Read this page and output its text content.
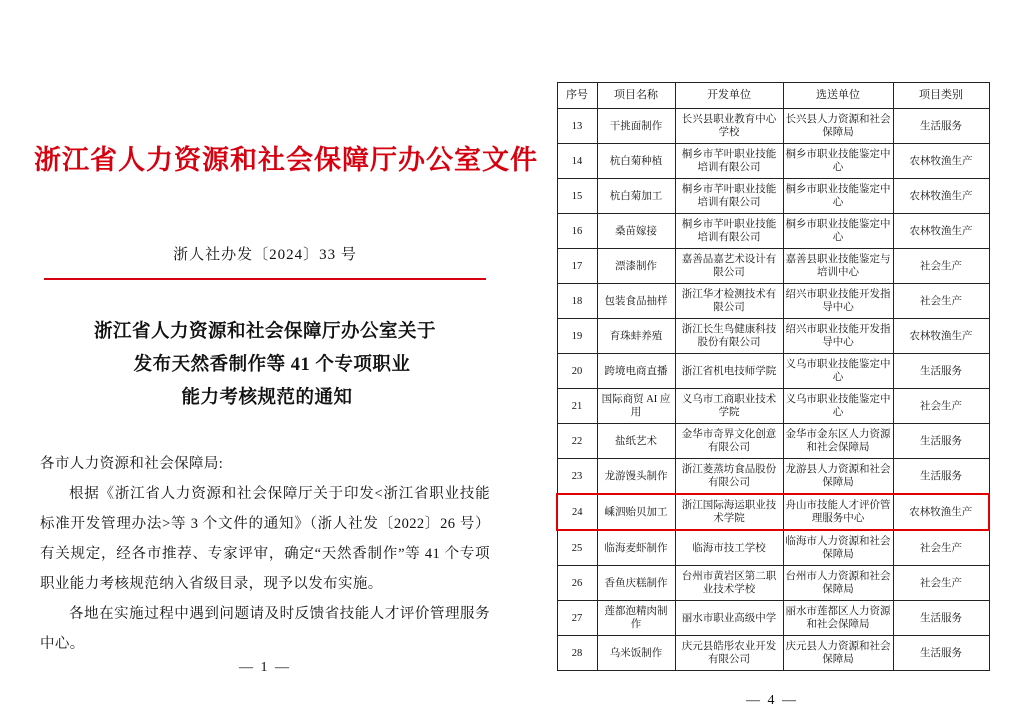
浙江省人力资源和社会保障厅办公室文件
浙人社办发〔2024〕33 号
浙江省人力资源和社会保障厅办公室关于
发布天然香制作等 41 个专项职业
能力考核规范的通知

各市人力资源和社会保障局:

根据《浙江省人力资源和社会保障厅关于印发<浙江省职业技能标准开发管理办法>等 3 个文件的通知》（浙人社发〔2022〕26 号）有关规定，经各市推荐、专家评审，确定“天然香制作”等 41 个专项职业能力考核规范纳入省级目录，现予以发布实施。

各地在实施过程中遇到问题请及时反馈省技能人才评价管理服务中心。

— 1 —
序号	项目名称	开发单位	选送单位	项目类别
13	干挑面制作	长兴县职业教育中心学校	长兴县人力资源和社会保障局	生活服务
14	杭白菊种植	桐乡市芊叶职业技能培训有限公司	桐乡市职业技能鉴定中心	农林牧渔生产
15	杭白菊加工	桐乡市芊叶职业技能培训有限公司	桐乡市职业技能鉴定中心	农林牧渔生产
16	桑苗嫁接	桐乡市芊叶职业技能培训有限公司	桐乡市职业技能鉴定中心	农林牧渔生产
17	漂漆制作	嘉善品嘉艺术设计有限公司	嘉善县职业技能鉴定与培训中心	社会生产
18	包装食品抽样	浙江华才检测技术有限公司	绍兴市职业技能开发指导中心	社会生产
19	育珠蚌养殖	浙江长生鸟健康科技股份有限公司	绍兴市职业技能开发指导中心	农林牧渔生产
20	跨境电商直播	浙江省机电技师学院	义乌市职业技能鉴定中心	生活服务
21	国际商贸 AI 应用	义乌市工商职业技术学院	义乌市职业技能鉴定中心	社会生产
22	盐纸艺术	金华市奇界文化创意有限公司	金华市金东区人力资源和社会保障局	生活服务
23	龙游馒头制作	浙江菱蒸坊食品股份有限公司	龙游县人力资源和社会保障局	生活服务
24	嵊泗贻贝加工	浙江国际海运职业技术学院	舟山市技能人才评价管理服务中心	农林牧渔生产
25	临海麦虾制作	临海市技工学校	临海市人力资源和社会保障局	社会生产
26	香鱼庆糕制作	台州市黄岩区第二职业技术学校	台州市人力资源和社会保障局	社会生产
27	莲都泡精肉制作	丽水市职业高级中学	丽水市莲都区人力资源和社会保障局	生活服务
28	乌米饭制作	庆元县皓彤农业开发有限公司	庆元县人力资源和社会保障局	生活服务
— 4 —
